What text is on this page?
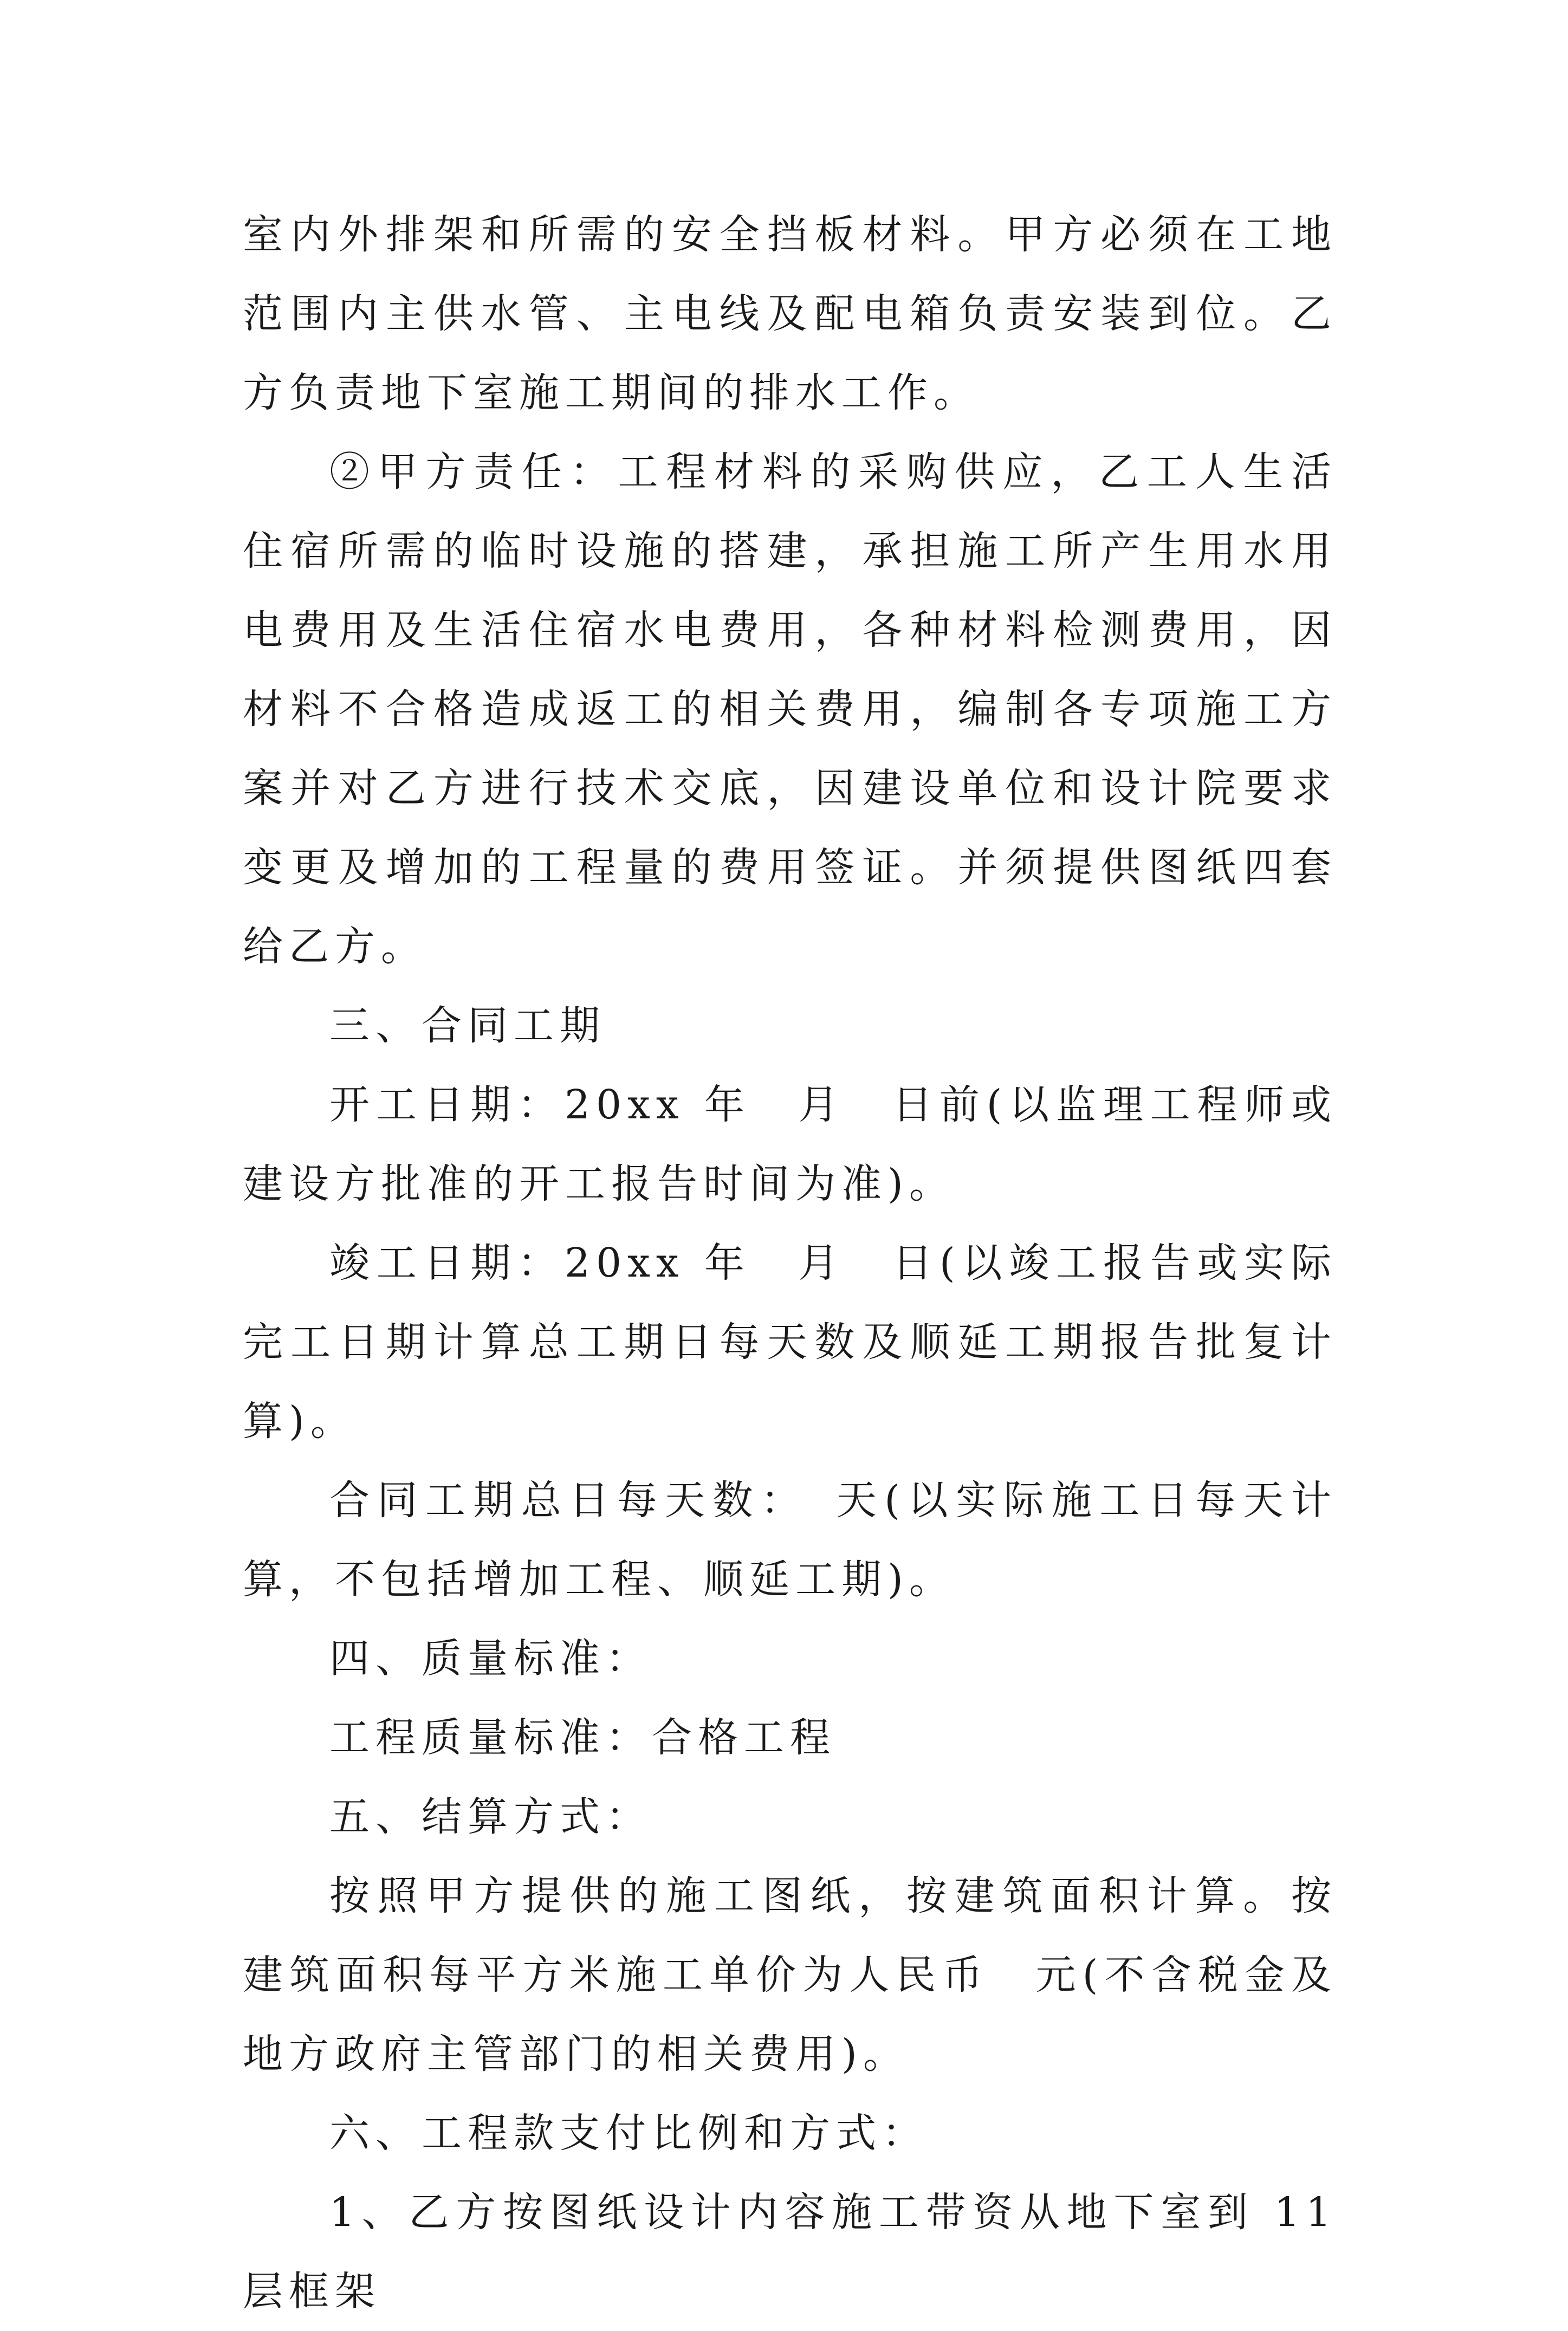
室内外排架和所需的安全挡板材料。甲方必须在工地范围内主供水管、主电线及配电箱负责安装到位。乙方负责地下室施工期间的排水工作。

②甲方责任：工程材料的采购供应，乙工人生活住宿所需的临时设施的搭建，承担施工所产生用水用电费用及生活住宿水电费用，各种材料检测费用，因材料不合格造成返工的相关费用，编制各专项施工方案并对乙方进行技术交底，因建设单位和设计院要求变更及增加的工程量的费用签证。并须提供图纸四套给乙方。

三、合同工期

开工日期：20xx 年　月　日前(以监理工程师或建设方批准的开工报告时间为准)。

竣工日期：20xx 年　月　日(以竣工报告或实际完工日期计算总工期日每天数及顺延工期报告批复计算)。

合同工期总日每天数：　天(以实际施工日每天计算，不包括增加工程、顺延工期)。

四、质量标准：

工程质量标准：合格工程

五、结算方式：

按照甲方提供的施工图纸，按建筑面积计算。按建筑面积每平方米施工单价为人民币　元(不含税金及地方政府主管部门的相关费用)。

六、工程款支付比例和方式：

1、乙方按图纸设计内容施工带资从地下室到 11 层框架
